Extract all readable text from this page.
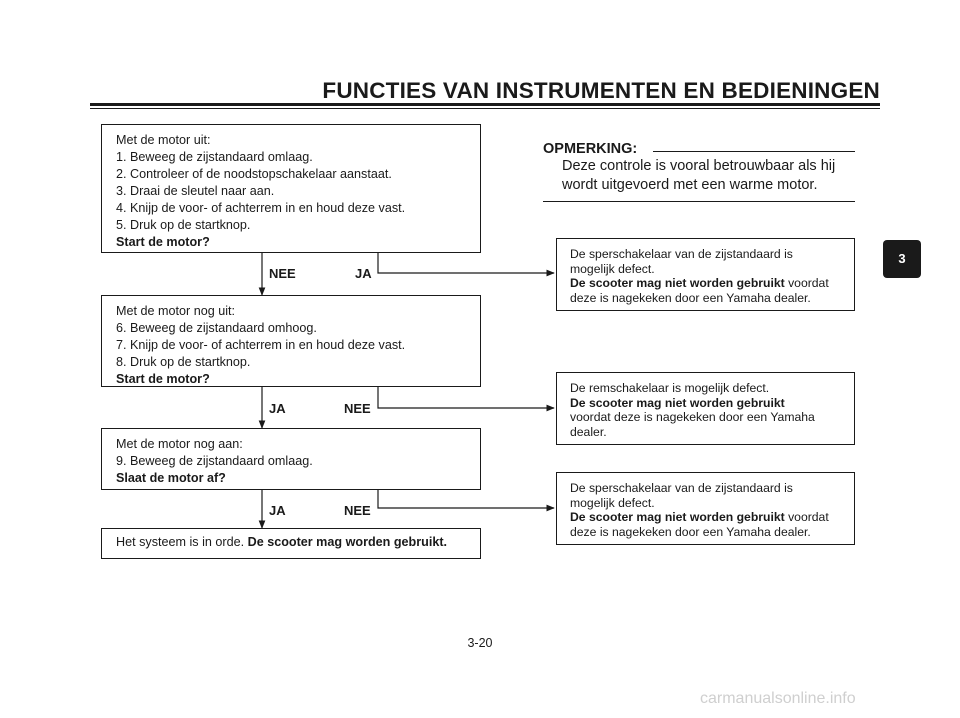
FUNCTIES VAN INSTRUMENTEN EN BEDIENINGEN
Met de motor uit:
1. Beweeg de zijstandaard omlaag.
2. Controleer of de noodstopschakelaar aanstaat.
3. Draai de sleutel naar aan.
4. Knijp de voor- of achterrem in en houd deze vast.
5. Druk op de startknop.
Start de motor?
NEE	JA
Met de motor nog uit:
6. Beweeg de zijstandaard omhoog.
7. Knijp de voor- of achterrem in en houd deze vast.
8. Druk op de startknop.
Start de motor?
JA	NEE
Met de motor nog aan:
9. Beweeg de zijstandaard omlaag.
Slaat de motor af?
JA	NEE
Het systeem is in orde. De scooter mag worden gebruikt.
De sperschakelaar van de zijstandaard is
mogelijk defect.
De scooter mag niet worden gebruikt voordat
deze is nagekeken door een Yamaha dealer.
De remschakelaar is mogelijk defect.
De scooter mag niet worden gebruikt
voordat deze is nagekeken door een Yamaha
dealer.
De sperschakelaar van de zijstandaard is
mogelijk defect.
De scooter mag niet worden gebruikt voordat
deze is nagekeken door een Yamaha dealer.
OPMERKING:
Deze controle is vooral betrouwbaar als hij
wordt uitgevoerd met een warme motor.
3
3-20
carmanualsonline.info
